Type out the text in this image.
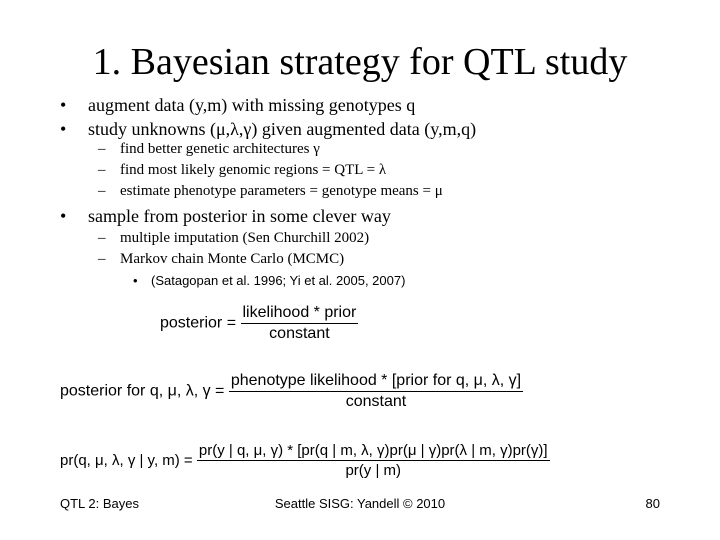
1. Bayesian strategy for QTL study
• augment data (y,m) with missing genotypes q
• study unknowns (μ,λ,γ) given augmented data (y,m,q)
– find better genetic architectures γ
– find most likely genomic regions = QTL = λ
– estimate phenotype parameters = genotype means = μ
• sample from posterior in some clever way
– multiple imputation (Sen Churchill 2002)
– Markov chain Monte Carlo (MCMC)
• (Satagopan et al. 1996; Yi et al. 2005, 2007)
posterior = $\frac{\text{likelihood * prior}}{\text{constant}}$
posterior for q, μ, λ, $\gamma = \frac{\text{phenotype likelihood * [prior for q, μ, λ, γ]}}{\text{constant}}$
pr(q, μ, λ, γ | y, m) =
pr(y | q, μ, γ) * [pr(q | m, λ, γ)pr(μ | γ)pr(λ | m, γ)pr(γ)]
pr(y | m)
QTL 2: Bayes	Seattle SISG: Yandell © 2010	80
